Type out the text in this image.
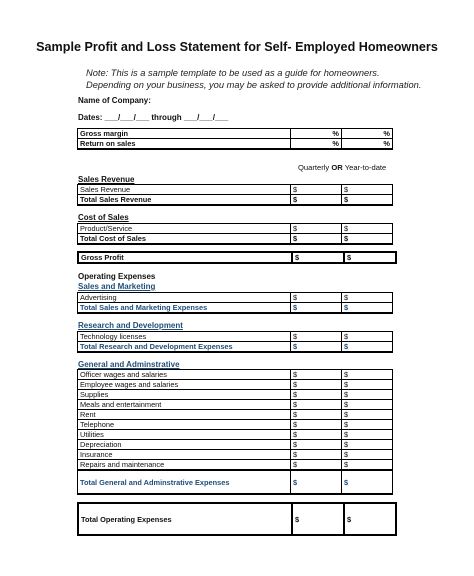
Sample Profit and Loss Statement for Self- Employed Homeowners
Note: This is a sample template to be used as a guide for homeowners.
Depending on your business, you may be asked to provide additional information.
Name of Company:
Dates: ___/___/___ through ___/___/___
Gross margin	%	%
Return on sales	%	%
Quarterly OR Year-to-date
Sales Revenue
Sales Revenue	$	$
Total Sales Revenue	$	$
Cost of Sales
Product/Service	$	$
Total Cost of Sales	$	$
Gross Profit	$	$
Operating Expenses
Sales and Marketing
Advertising	$	$
Total Sales and Marketing Expenses	$	$
Research and Development
Technology licenses	$	$
Total Research and Development Expenses	$	$
General and Adminstrative
Officer wages and salaries	$	$
Employee wages and salaries	$	$
Supplies	$	$
Meals and entertainment	$	$
Rent	$	$
Telephone	$	$
Utilities	$	$
Depreciation	$	$
Insurance	$	$
Repairs and maintenance	$	$
Total General and Adminstrative Expenses	$	$
Total Operating Expenses	$	$
